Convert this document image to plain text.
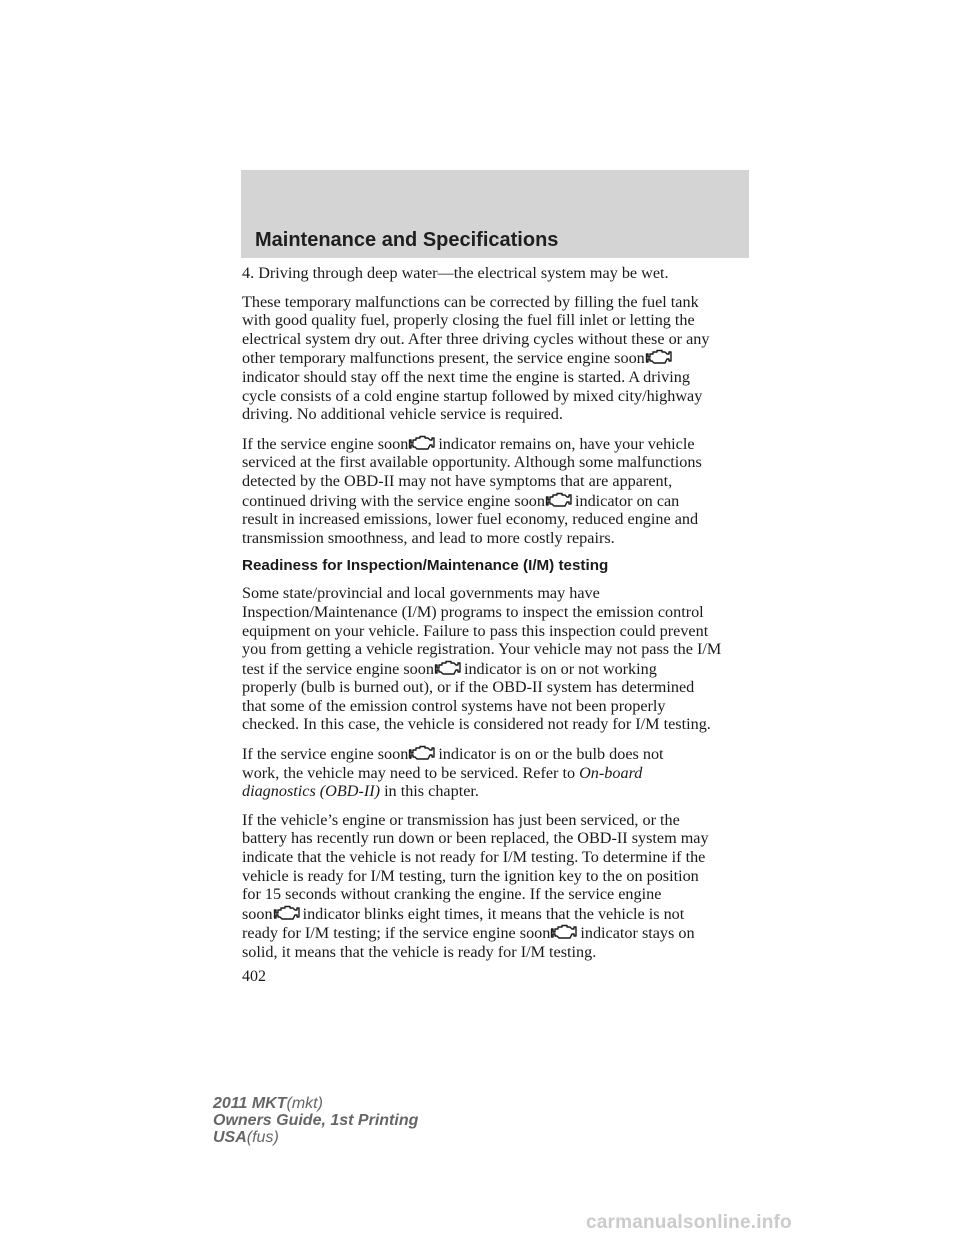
Maintenance and Specifications

4. Driving through deep water—the electrical system may be wet.

These temporary malfunctions can be corrected by filling the fuel tank
with good quality fuel, properly closing the fuel fill inlet or letting the
electrical system dry out. After three driving cycles without these or any
other temporary malfunctions present, the service engine soon
indicator should stay off the next time the engine is started. A driving
cycle consists of a cold engine startup followed by mixed city/highway
driving. No additional vehicle service is required.

If the service engine soon indicator remains on, have your vehicle
serviced at the first available opportunity. Although some malfunctions
detected by the OBD-II may not have symptoms that are apparent,
continued driving with the service engine soon indicator on can
result in increased emissions, lower fuel economy, reduced engine and
transmission smoothness, and lead to more costly repairs.

Readiness for Inspection/Maintenance (I/M) testing

Some state/provincial and local governments may have
Inspection/Maintenance (I/M) programs to inspect the emission control
equipment on your vehicle. Failure to pass this inspection could prevent
you from getting a vehicle registration. Your vehicle may not pass the I/M
test if the service engine soon indicator is on or not working
properly (bulb is burned out), or if the OBD-II system has determined
that some of the emission control systems have not been properly
checked. In this case, the vehicle is considered not ready for I/M testing.

If the service engine soon indicator is on or the bulb does not
work, the vehicle may need to be serviced. Refer to On-board
diagnostics (OBD-II) in this chapter.

If the vehicle’s engine or transmission has just been serviced, or the
battery has recently run down or been replaced, the OBD-II system may
indicate that the vehicle is not ready for I/M testing. To determine if the
vehicle is ready for I/M testing, turn the ignition key to the on position
for 15 seconds without cranking the engine. If the service engine
soon indicator blinks eight times, it means that the vehicle is not
ready for I/M testing; if the service engine soon indicator stays on
solid, it means that the vehicle is ready for I/M testing.

402
2011 MKT(mkt)
Owners Guide, 1st Printing
USA(fus)
carmanualsonline.info
